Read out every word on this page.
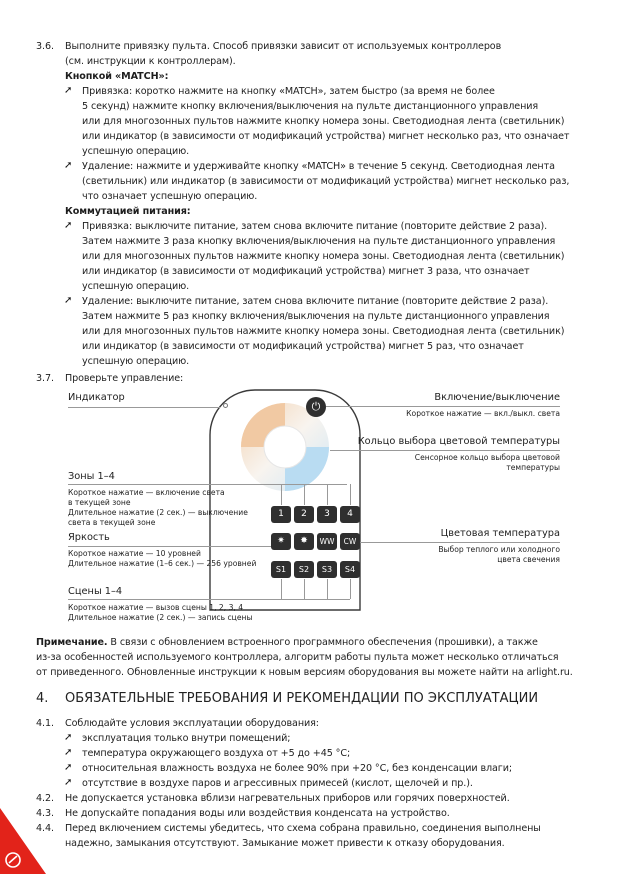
3.6. Выполните привязку пульта. Способ привязки зависит от используемых контроллеров
(см. инструкции к контроллерам).
Кнопкой «MATCH»:
➚ Привязка: коротко нажмите на кнопку «MATCH», затем быстро (за время не более
5 секунд) нажмите кнопку включения/выключения на пульте дистанционного управления
или для многозонных пультов нажмите кнопку номера зоны. Светодиодная лента (светильник)
или индикатор (в зависимости от модификаций устройства) мигнет несколько раз, что означает
успешную операцию.
➚ Удаление: нажмите и удерживайте кнопку «MATCH» в течение 5 секунд. Светодиодная лента
(светильник) или индикатор (в зависимости от модификаций устройства) мигнет несколько раз,
что означает успешную операцию.
Коммутацией питания:
➚ Привязка: выключите питание, затем снова включите питание (повторите действие 2 раза).
Затем нажмите 3 раза кнопку включения/выключения на пульте дистанционного управления
или для многозонных пультов нажмите кнопку номера зоны. Светодиодная лента (светильник)
или индикатор (в зависимости от модификаций устройства) мигнет 3 раза, что означает
успешную операцию.
➚ Удаление: выключите питание, затем снова включите питание (повторите действие 2 раза).
Затем нажмите 5 раз кнопку включения/выключения на пульте дистанционного управления
или для многозонных пультов нажмите кнопку номера зоны. Светодиодная лента (светильник)
или индикатор (в зависимости от модификаций устройства) мигнет 5 раз, что означает
успешную операцию.
3.7. Проверьте управление:
⏻
1	2	3	4
✷	✸	WW	CW
S1	S2	S3	S4
Индикатор
Зоны 1–4
Короткое нажатие — включение света
в текущей зоне
Длительное нажатие (2 сек.) — выключение
света в текущей зоне
Яркость
Короткое нажатие — 10 уровней
Длительное нажатие (1–6 сек.) — 256 уровней
Сцены 1–4
Короткое нажатие — вызов сцены 1, 2, 3, 4
Длительное нажатие (2 сек.) — запись сцены
Включение/выключение
Короткое нажатие — вкл./выкл. света
Кольцо выбора цветовой температуры
Сенсорное кольцо выбора цветовой
температуры
Цветовая температура
Выбор теплого или холодного
цвета свечения
Примечание. В связи с обновлением встроенного программного обеспечения (прошивки), а также
из-за особенностей используемого контроллера, алгоритм работы пульта может несколько отличаться
от приведенного. Обновленные инструкции к новым версиям оборудования вы можете найти на arlight.ru.
4. ОБЯЗАТЕЛЬНЫЕ ТРЕБОВАНИЯ И РЕКОМЕНДАЦИИ ПО ЭКСПЛУАТАЦИИ
4.1. Соблюдайте условия эксплуатации оборудования:
➚ эксплуатация только внутри помещений;
➚ температура окружающего воздуха от +5 до +45 °C;
➚ относительная влажность воздуха не более 90% при +20 °C, без конденсации влаги;
➚ отсутствие в воздухе паров и агрессивных примесей (кислот, щелочей и пр.).
4.2. Не допускается установка вблизи нагревательных приборов или горячих поверхностей.
4.3. Не допускайте попадания воды или воздействия конденсата на устройство.
4.4. Перед включением системы убедитесь, что схема собрана правильно, соединения выполнены
надежно, замыкания отсутствуют. Замыкание может привести к отказу оборудования.
